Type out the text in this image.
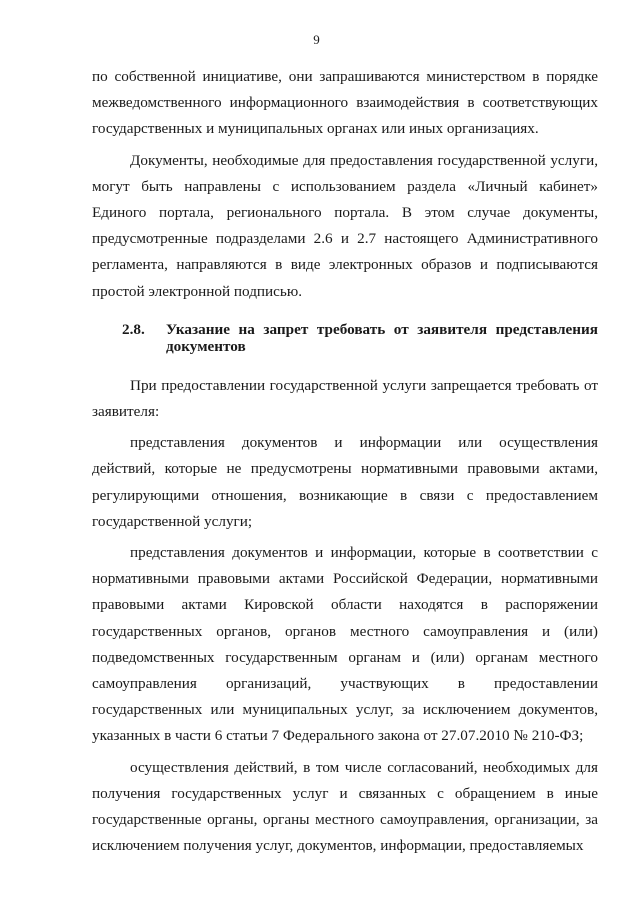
9

по собственной инициативе, они запрашиваются министерством в порядке межведомственного информационного взаимодействия в соответствующих государственных и муниципальных органах или иных организациях.

Документы, необходимые для предоставления государственной услуги, могут быть направлены с использованием раздела «Личный кабинет» Единого портала, регионального портала. В этом случае документы, предусмотренные подразделами 2.6 и 2.7 настоящего Административного регламента, направляются в виде электронных образов и подписываются простой электронной подписью.

2.8.	Указание на запрет требовать от заявителя представления документов

При предоставлении государственной услуги запрещается требовать от заявителя:

представления документов и информации или осуществления действий, которые не предусмотрены нормативными правовыми актами, регулирующими отношения, возникающие в связи с предоставлением государственной услуги;

представления документов и информации, которые в соответствии с нормативными правовыми актами Российской Федерации, нормативными правовыми актами Кировской области находятся в распоряжении государственных органов, органов местного самоуправления и (или) подведомственных государственным органам и (или) органам местного самоуправления организаций, участвующих в предоставлении государственных или муниципальных услуг, за исключением документов, указанных в части 6 статьи 7 Федерального закона от 27.07.2010 № 210-ФЗ;

осуществления действий, в том числе согласований, необходимых для получения государственных услуг и связанных с обращением в иные государственные органы, органы местного самоуправления, организации, за исключением получения услуг, документов, информации, предоставляемых
